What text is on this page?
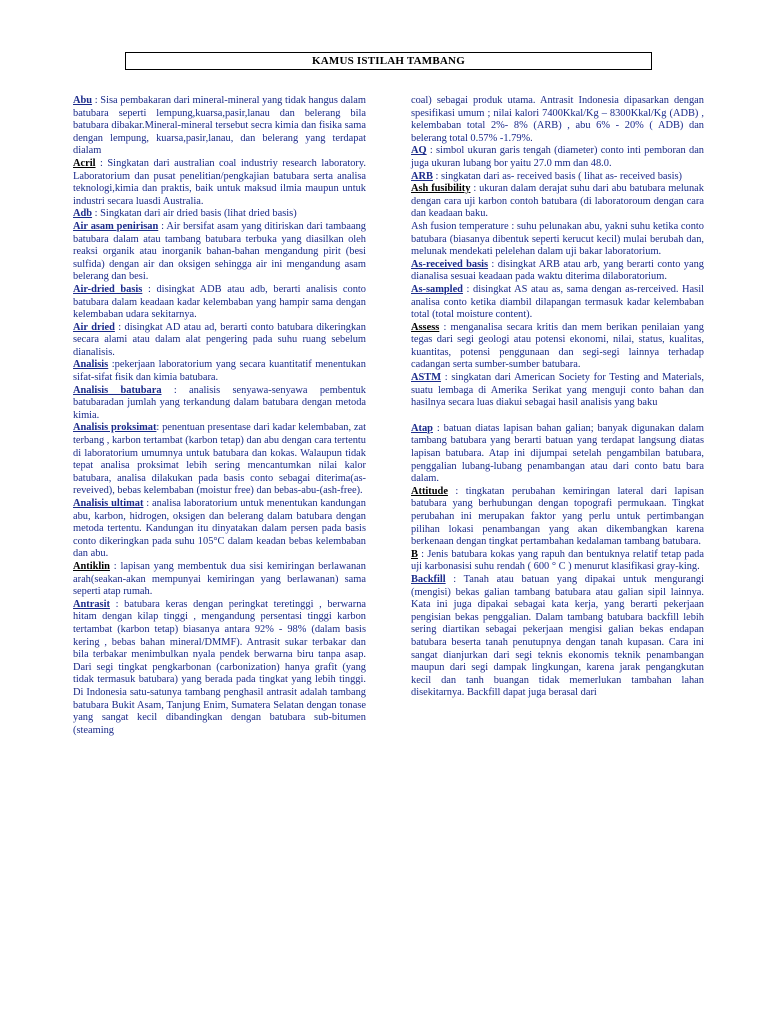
KAMUS ISTILAH TAMBANG

Abu : Sisa pembakaran dari mineral-mineral yang tidak hangus dalam batubara seperti lempung,kuarsa,pasir,lanau dan belerang bila batubara dibakar.Mineral-mineral tersebut secra kimia dan fisika sama dengan lempung, kuarsa,pasir,lanau, dan belerang yang terdapat dialam

Acril : Singkatan dari australian coal industriy research laboratory. Laboratorium dan pusat penelitian/pengkajian batubara serta analisa teknologi,kimia dan praktis, baik untuk maksud ilmia maupun untuk industri secara luasdi Australia.

Adb : Singkatan dari air dried basis (lihat dried basis)

Air asam penirisan : Air bersifat asam yang ditiriskan dari tambaang batubara dalam atau tambang batubara terbuka yang diasilkan oleh reaksi organik atau inorganik bahan-bahan mengandung pirit (besi sulfida) dengan air dan oksigen sehingga air ini mengandung asam belerang dan besi.

Air-dried basis : disingkat ADB atau adb, berarti analisis conto batubara dalam keadaan kadar kelembaban yang hampir sama dengan kelembaban udara sekitarnya.

Air dried : disingkat AD atau ad, berarti conto batubara dikeringkan secara alami atau dalam alat pengering pada suhu ruang sebelum dianalisis.

Analisis :pekerjaan laboratorium yang secara kuantitatif menentukan sifat-sifat fisik dan kimia batubara.

Analisis batubara : analisis senyawa-senyawa pembentuk batubaradan jumlah yang terkandung dalam batubara dengan metoda kimia.

Analisis proksimat: penentuan presentase dari kadar kelembaban, zat terbang , karbon tertambat (karbon tetap) dan abu dengan cara tertentu di laboratorium umumnya untuk batubara dan kokas. Walaupun tidak tepat analisa proksimat lebih sering mencantumkan nilai kalor batubara, analisa dilakukan pada basis conto sebagai diterima(as-reveived), bebas kelembaban (moistur free) dan bebas-abu-(ash-free).

Analisis ultimat : analisa laboratorium untuk menentukan kandungan abu, karbon, hidrogen, oksigen dan belerang dalam batubara dengan metoda tertentu. Kandungan itu dinyatakan dalam persen pada basis conto dikeringkan pada suhu 105°C dalam keadan bebas kelembaban dan abu.

Antiklin : lapisan yang membentuk dua sisi kemiringan berlawanan arah(seakan-akan mempunyai kemiringan yang berlawanan) sama seperti atap rumah.

Antrasit : batubara keras dengan peringkat teretinggi , berwarna hitam dengan kilap tinggi , mengandung persentasi tinggi karbon tertambat (karbon tetap) biasanya antara 92% - 98% (dalam basis kering , bebas bahan mineral/DMMF). Antrasit sukar terbakar dan bila terbakar menimbulkan nyala pendek berwarna biru tanpa asap. Dari segi tingkat pengkarbonan (carbonization) hanya grafit (yang tidak termasuk batubara) yang berada pada tingkat yang lebih tinggi. Di Indonesia satu-satunya tambang penghasil antrasit adalah tambang batubara Bukit Asam, Tanjung Enim, Sumatera Selatan dengan tonase yang sangat kecil dibandingkan dengan batubara sub-bitumen (steaming

coal) sebagai produk utama. Antrasit Indonesia dipasarkan dengan spesifikasi umum ; nilai kalori 7400Kkal/Kg – 8300Kkal/Kg (ADB) , kelembaban total 2%- 8% (ARB) , abu 6% - 20% ( ADB) dan belerang total 0.57% -1.79%.

AQ : simbol ukuran garis tengah (diameter) conto inti pemboran dan juga ukuran lubang bor yaitu 27.0 mm dan 48.0.

ARB : singkatan dari as- received basis ( lihat as- received basis)

Ash fusibility : ukuran dalam derajat suhu dari abu batubara melunak dengan cara uji karbon contoh batubara (di laboratoroum dengan cara dan keadaan baku.

Ash fusion temperature : suhu pelunakan abu, yakni suhu ketika conto batubara (biasanya dibentuk seperti kerucut kecil) mulai berubah dan, melunak mendekati pelelehan dalam uji bakar laboratorium.

As-received basis : disingkat ARB atau arb, yang berarti conto yang dianalisa sesuai keadaan pada waktu diterima dilaboratorium.

As-sampled : disingkat AS atau as, sama dengan as-rerceived. Hasil analisa conto ketika diambil dilapangan termasuk kadar kelembaban total (total moisture content).

Assess : menganalisa secara kritis dan mem berikan penilaian yang tegas dari segi geologi atau potensi ekonomi, nilai, status, kualitas, kuantitas, potensi penggunaan dan segi-segi lainnya terhadap cadangan serta sumber-sumber batubara.

ASTM : singkatan dari American Society for Testing and Materials, suatu lembaga di Amerika Serikat yang menguji conto bahan dan hasilnya secara luas diakui sebagai hasil analisis yang baku

Atap : batuan diatas lapisan bahan galian; banyak digunakan dalam tambang batubara yang berarti batuan yang terdapat langsung diatas lapisan batubara. Atap ini dijumpai setelah pengambilan batubara, penggalian lubang-lubang penambangan atau dari conto batu bara dalam.

Attitude : tingkatan perubahan kemiringan lateral dari lapisan batubara yang berhubungan dengan topografi permukaan. Tingkat perubahan ini merupakan faktor yang perlu untuk pertimbangan pilihan lokasi penambangan yang akan dikembangkan karena berkenaan dengan tingkat pertambahan kedalaman tambang batubara.

B : Jenis batubara kokas yang rapuh dan bentuknya relatif tetap pada uji karbonasisi suhu rendah ( 600 ° C ) menurut klasifikasi gray-king.

Backfill : Tanah atau batuan yang dipakai untuk mengurangi (mengisi) bekas galian tambang batubara atau galian sipil lainnya. Kata ini juga dipakai sebagai kata kerja, yang berarti pekerjaan pengisian bekas penggalian. Dalam tambang batubara backfill lebih sering diartikan sebagai pekerjaan mengisi galian bekas endapan batubara beserta tanah penutupnya dengan tanah kupasan. Cara ini sangat dianjurkan dari segi teknis ekonomis teknik penambangan maupun dari segi dampak lingkungan, karena jarak pengangkutan kecil dan tanh buangan tidak memerlukan tambahan lahan disekitarnya. Backfill dapat juga berasal dari
